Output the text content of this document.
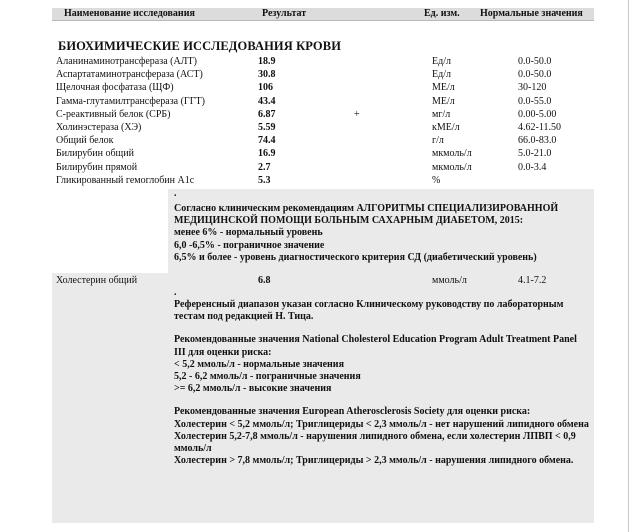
Наименование исследования	Результат	Ед. изм. Нормальные значения
БИОХИМИЧЕСКИЕ ИССЛЕДОВАНИЯ КРОВИ
Аланинаминотрансфераза (АЛТ)	18.9	Ед/л	0.0-50.0
Аспартатаминотрансфераза (АСТ)	30.8	Ед/л	0.0-50.0
Щелочная фосфатаза (ЩФ)	106	МЕ/л	30-120
Гамма-глутамилтрансфераза (ГГТ)	43.4	МЕ/л	0.0-55.0
С-реактивный белок (СРБ)	6.87	+	мг/л	0.00-5.00
Холинэстераза (ХЭ)	5.59	кМЕ/л	4.62-11.50
Общий белок	74.4	г/л	66.0-83.0
Билирубин общий	16.9	мкмоль/л	5.0-21.0
Билирубин прямой	2.7	мкмоль/л	0.0-3.4
Гликированный гемоглобин А1с	5.3	%
.

Согласно клиническим рекомендациям АЛГОРИТМЫ СПЕЦИАЛИЗИРОВАННОЙ МЕДИЦИНСКОЙ ПОМОЩИ БОЛЬНЫМ САХАРНЫМ ДИАБЕТОМ, 2015:

менее 6% - нормальный уровень

6,0 -6,5% - пограничное значение

6,5% и более - уровень диагностического критерия СД (диабетический уровень)

Холестерин общий	6.8	ммоль/л	4.1-7.2
.

Референсный диапазон указан согласно Клиническому руководству по лабораторным тестам под редакцией Н. Тица.

Рекомендованные значения National Cholesterol Education Program Adult Treatment Panel III для оценки риска:

< 5,2 ммоль/л - нормальные значения

5,2 - 6,2 ммоль/л - пограничные значения

>= 6,2 ммоль/л - высокие значения

Рекомендованные значения European Atherosclerosis Society для оценки риска:

Холестерин < 5,2 ммоль/л; Триглицериды < 2,3 ммоль/л - нет нарушений липидного обмена

Холестерин 5,2-7,8 ммоль/л - нарушения липидного обмена, если холестерин ЛПВП < 0,9 ммоль/л

Холестерин > 7,8 ммоль/л; Триглицериды > 2,3 ммоль/л - нарушения липидного обмена.
